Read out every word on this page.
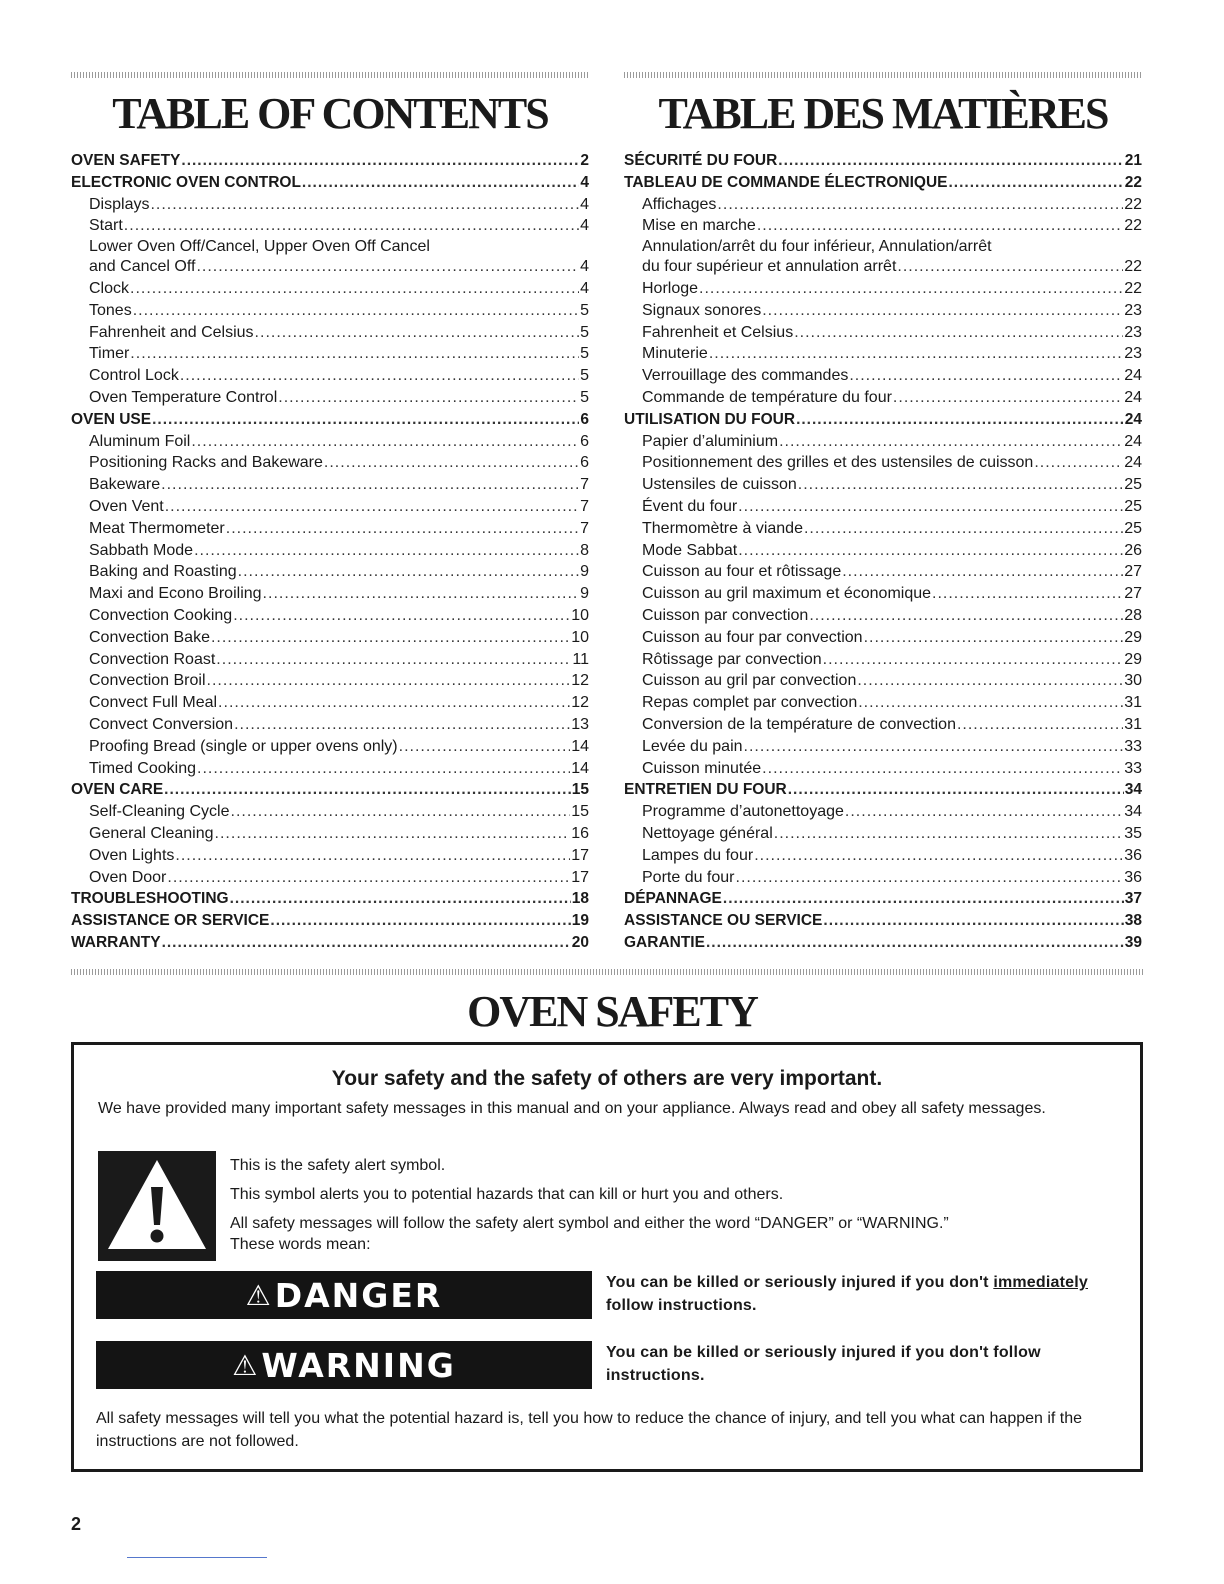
TABLE OF CONTENTS
OVEN SAFETY .....	2
ELECTRONIC OVEN CONTROL .....	4
Displays .....	4
Start .....	4
Lower Oven Off/Cancel, Upper Oven Off Cancel
and Cancel Off .....	4
Clock .....	4
Tones .....	5
Fahrenheit and Celsius .....	5
Timer .....	5
Control Lock .....	5
Oven Temperature Control .....	5
OVEN USE .....	6
Aluminum Foil .....	6
Positioning Racks and Bakeware .....	6
Bakeware .....	7
Oven Vent .....	7
Meat Thermometer .....	7
Sabbath Mode .....	8
Baking and Roasting .....	9
Maxi and Econo Broiling .....	9
Convection Cooking .....	10
Convection Bake .....	10
Convection Roast .....	11
Convection Broil .....	12
Convect Full Meal .....	12
Convect Conversion .....	13
Proofing Bread (single or upper ovens only) .....	14
Timed Cooking .....	14
OVEN CARE .....	15
Self-Cleaning Cycle .....	15
General Cleaning .....	16
Oven Lights .....	17
Oven Door .....	17
TROUBLESHOOTING .....	18
ASSISTANCE OR SERVICE .....	19
WARRANTY .....	20
TABLE DES MATIÈRES
SÉCURITÉ DU FOUR .....	21
TABLEAU DE COMMANDE ÉLECTRONIQUE .....	22
Affichages .....	22
Mise en marche .....	22
Annulation/arrêt du four inférieur, Annulation/arrêt
du four supérieur et annulation arrêt .....	22
Horloge .....	22
Signaux sonores .....	23
Fahrenheit et Celsius .....	23
Minuterie .....	23
Verrouillage des commandes .....	24
Commande de température du four .....	24
UTILISATION DU FOUR .....	24
Papier d’aluminium .....	24
Positionnement des grilles et des ustensiles de cuisson .....	24
Ustensiles de cuisson .....	25
Évent du four .....	25
Thermomètre à viande .....	25
Mode Sabbat .....	26
Cuisson au four et rôtissage .....	27
Cuisson au gril maximum et économique .....	27
Cuisson par convection .....	28
Cuisson au four par convection .....	29
Rôtissage par convection .....	29
Cuisson au gril par convection .....	30
Repas complet par convection .....	31
Conversion de la température de convection .....	31
Levée du pain .....	33
Cuisson minutée .....	33
ENTRETIEN DU FOUR .....	34
Programme d’autonettoyage .....	34
Nettoyage général .....	35
Lampes du four .....	36
Porte du four .....	36
DÉPANNAGE .....	37
ASSISTANCE OU SERVICE .....	38
GARANTIE .....	39
OVEN SAFETY
Your safety and the safety of others are very important.
We have provided many important safety messages in this manual and on your appliance. Always read and obey all safety messages.

This is the safety alert symbol.

This symbol alerts you to potential hazards that can kill or hurt you and others.

All safety messages will follow the safety alert symbol and either the word “DANGER” or “WARNING.”

These words mean:

⚠ DANGER	You can be killed or seriously injured if you don't immediately follow instructions.
⚠ WARNING	You can be killed or seriously injured if you don't follow instructions.
All safety messages will tell you what the potential hazard is, tell you how to reduce the chance of injury, and tell you what can happen if the instructions are not followed.
2
